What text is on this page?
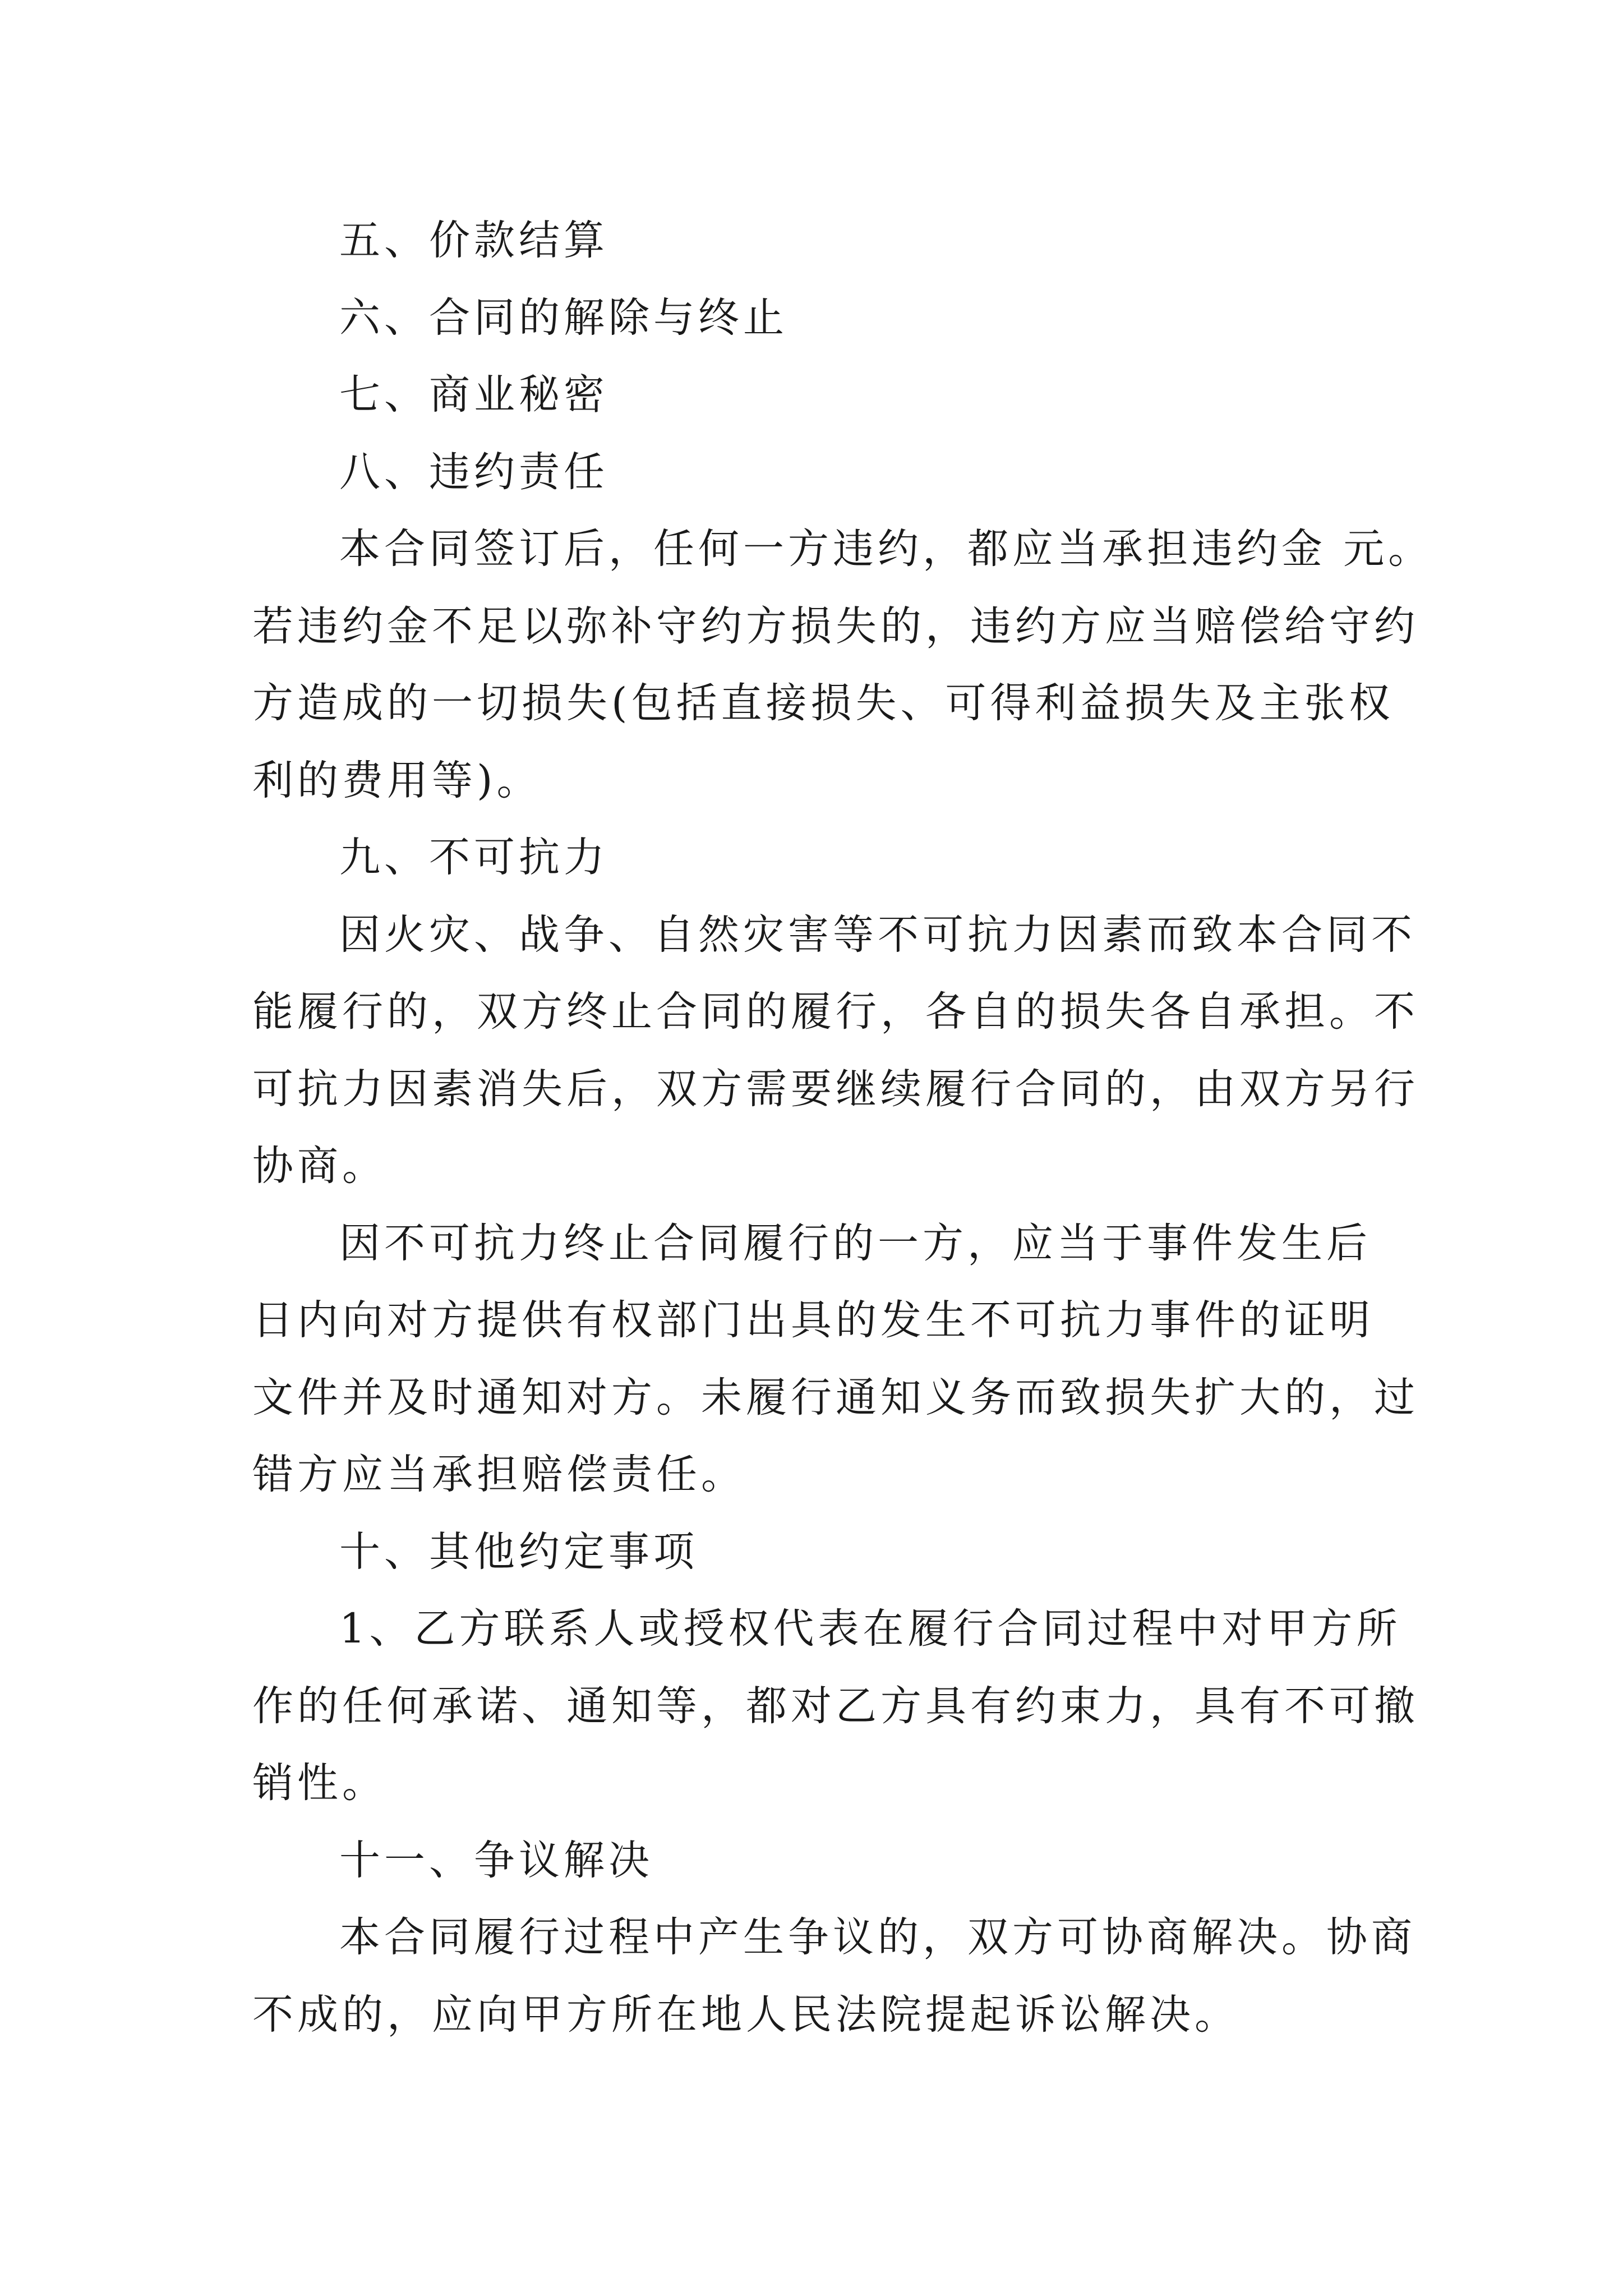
五、价款结算
六、合同的解除与终止
七、商业秘密
八、违约责任
本合同签订后，任何一方违约，都应当承担违约金 元。
若违约金不足以弥补守约方损失的，违约方应当赔偿给守约
方造成的一切损失(包括直接损失、可得利益损失及主张权
利的费用等)。
九、不可抗力
因火灾、战争、自然灾害等不可抗力因素而致本合同不
能履行的，双方终止合同的履行，各自的损失各自承担。不
可抗力因素消失后，双方需要继续履行合同的，由双方另行
协商。
因不可抗力终止合同履行的一方，应当于事件发生后
日内向对方提供有权部门出具的发生不可抗力事件的证明
文件并及时通知对方。未履行通知义务而致损失扩大的，过
错方应当承担赔偿责任。
十、其他约定事项
1、乙方联系人或授权代表在履行合同过程中对甲方所
作的任何承诺、通知等，都对乙方具有约束力，具有不可撤
销性。
十一、争议解决
本合同履行过程中产生争议的，双方可协商解决。协商
不成的，应向甲方所在地人民法院提起诉讼解决。
